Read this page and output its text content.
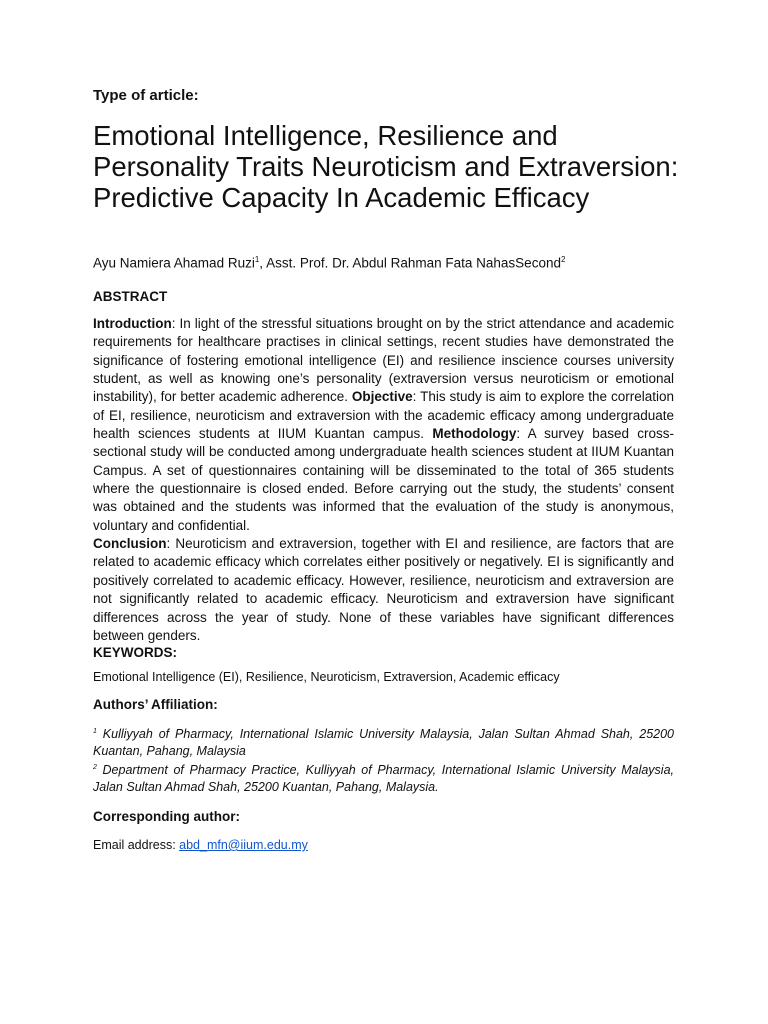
Type of article:
Emotional Intelligence, Resilience and Personality Traits Neuroticism and Extraversion: Predictive Capacity In Academic Efficacy
Ayu Namiera Ahamad Ruzi$^1$, Asst. Prof. Dr. Abdul Rahman Fata NahasSecond$^2$
ABSTRACT

Introduction: In light of the stressful situations brought on by the strict attendance and academic requirements for healthcare practises in clinical settings, recent studies have demonstrated the significance of fostering emotional intelligence (EI) and resilience inscience courses university student, as well as knowing one’s personality (extraversion versus neuroticism or emotional instability), for better academic adherence. Objective: This study is aim to explore the correlation of EI, resilience, neuroticism and extraversion with the academic efficacy among undergraduate health sciences students at IIUM Kuantan campus. Methodology: A survey based cross-sectional study will be conducted among undergraduate health sciences student at IIUM Kuantan Campus. A set of questionnaires containing will be disseminated to the total of 365 students where the questionnaire is closed ended. Before carrying out the study, the students’ consent was obtained and the students was informed that the evaluation of the study is anonymous, voluntary and confidential.
Conclusion: Neuroticism and extraversion, together with EI and resilience, are factors that are related to academic efficacy which correlates either positively or negatively. EI is significantly and positively correlated to academic efficacy. However, resilience, neuroticism and extraversion are not significantly related to academic efficacy. Neuroticism and extraversion have significant differences across the year of study. None of these variables have significant differences between genders.

KEYWORDS:
Emotional Intelligence (EI), Resilience, Neuroticism, Extraversion, Academic efficacy
Authors’ Affiliation:

$^1$ Kulliyyah of Pharmacy, International Islamic University Malaysia, Jalan Sultan Ahmad Shah, 25200 Kuantan, Pahang, Malaysia
$^2$ Department of Pharmacy Practice, Kulliyyah of Pharmacy, International Islamic University Malaysia, Jalan Sultan Ahmad Shah, 25200 Kuantan, Pahang, Malaysia.

Corresponding author:
Email address: abd_mfn@iium.edu.my
